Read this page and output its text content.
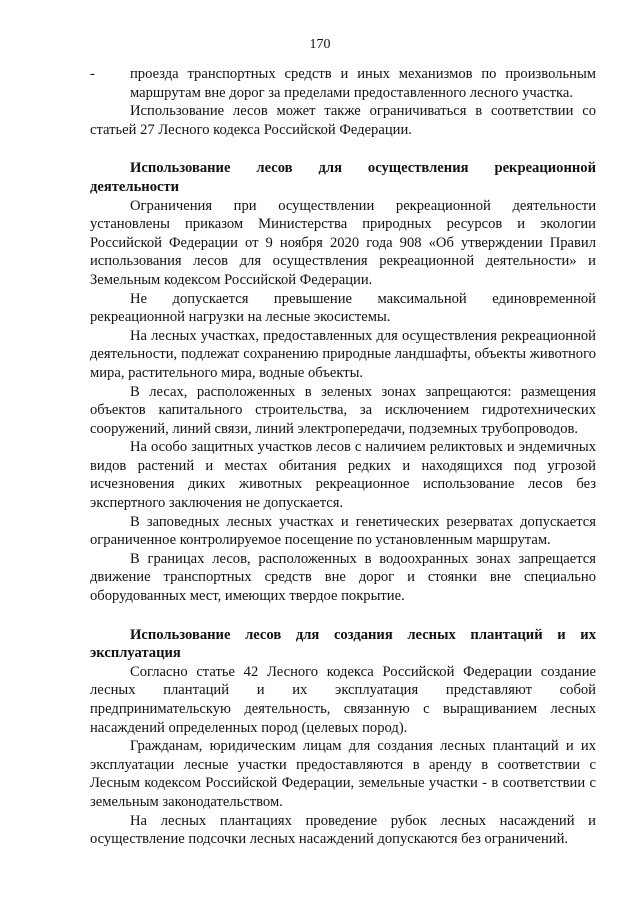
170
-	проезда транспортных средств и иных механизмов по произвольным маршрутам вне дорог за пределами предоставленного лесного участка.

Использование лесов может также ограничиваться в соответствии со статьей 27 Лесного кодекса Российской Федерации.

Использование лесов для осуществления рекреационной деятельности

Ограничения при осуществлении рекреационной деятельности установлены приказом Министерства природных ресурсов и экологии Российской Федерации от 9 ноября 2020 года 908 «Об утверждении Правил использования лесов для осуществления рекреационной деятельности» и Земельным кодексом Российской Федерации.

Не допускается превышение максимальной единовременной рекреационной нагрузки на лесные экосистемы.

На лесных участках, предоставленных для осуществления рекреационной деятельности, подлежат сохранению природные ландшафты, объекты животного мира, растительного мира, водные объекты.

В лесах, расположенных в зеленых зонах запрещаются: размещения объектов капитального строительства, за исключением гидротехнических сооружений, линий связи, линий электропередачи, подземных трубопроводов.

На особо защитных участков лесов с наличием реликтовых и эндемичных видов растений и местах обитания редких и находящихся под угрозой исчезновения диких животных рекреационное использование лесов без экспертного заключения не допускается.

В заповедных лесных участках и генетических резерватах допускается ограниченное контролируемое посещение по установленным маршрутам.

В границах лесов, расположенных в водоохранных зонах запрещается движение транспортных средств вне дорог и стоянки вне специально оборудованных мест, имеющих твердое покрытие.

Использование лесов для создания лесных плантаций и их эксплуатация

Согласно статье 42 Лесного кодекса Российской Федерации создание лесных плантаций и их эксплуатация представляют собой предпринимательскую деятельность, связанную с выращиванием лесных насаждений определенных пород (целевых пород).

Гражданам, юридическим лицам для создания лесных плантаций и их эксплуатации лесные участки предоставляются в аренду в соответствии с Лесным кодексом Российской Федерации, земельные участки - в соответствии с земельным законодательством.

На лесных плантациях проведение рубок лесных насаждений и осуществление подсочки лесных насаждений допускаются без ограничений.
